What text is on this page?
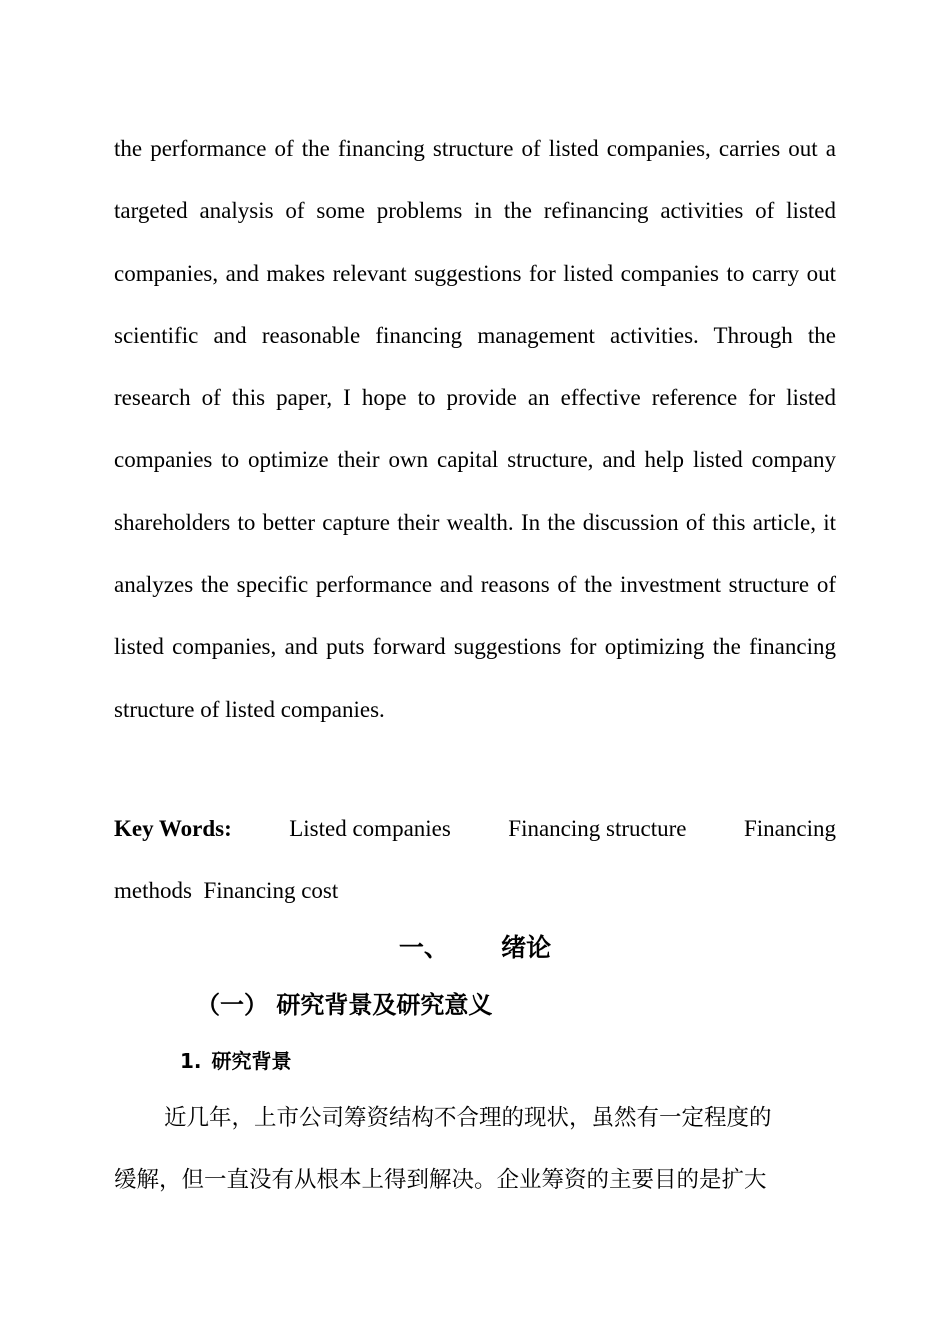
the performance of the financing structure of listed companies, carries out a targeted analysis of some problems in the refinancing activities of listed companies, and makes relevant suggestions for listed companies to carry out scientific and reasonable financing management activities. Through the research of this paper, I hope to provide an effective reference for listed companies to optimize their own capital structure, and help listed company shareholders to better capture their wealth. In the discussion of this article, it analyzes the specific performance and reasons of the investment structure of listed companies, and puts forward suggestions for optimizing the financing structure of listed companies.

Key Words: Listed companies Financing structure Financing
methods Financing cost
一、 绪论
（一） 研究背景及研究意义
1. 研究背景
近几年，上市公司筹资结构不合理的现状，虽然有一定程度的
缓解，但一直没有从根本上得到解决。企业筹资的主要目的是扩大
